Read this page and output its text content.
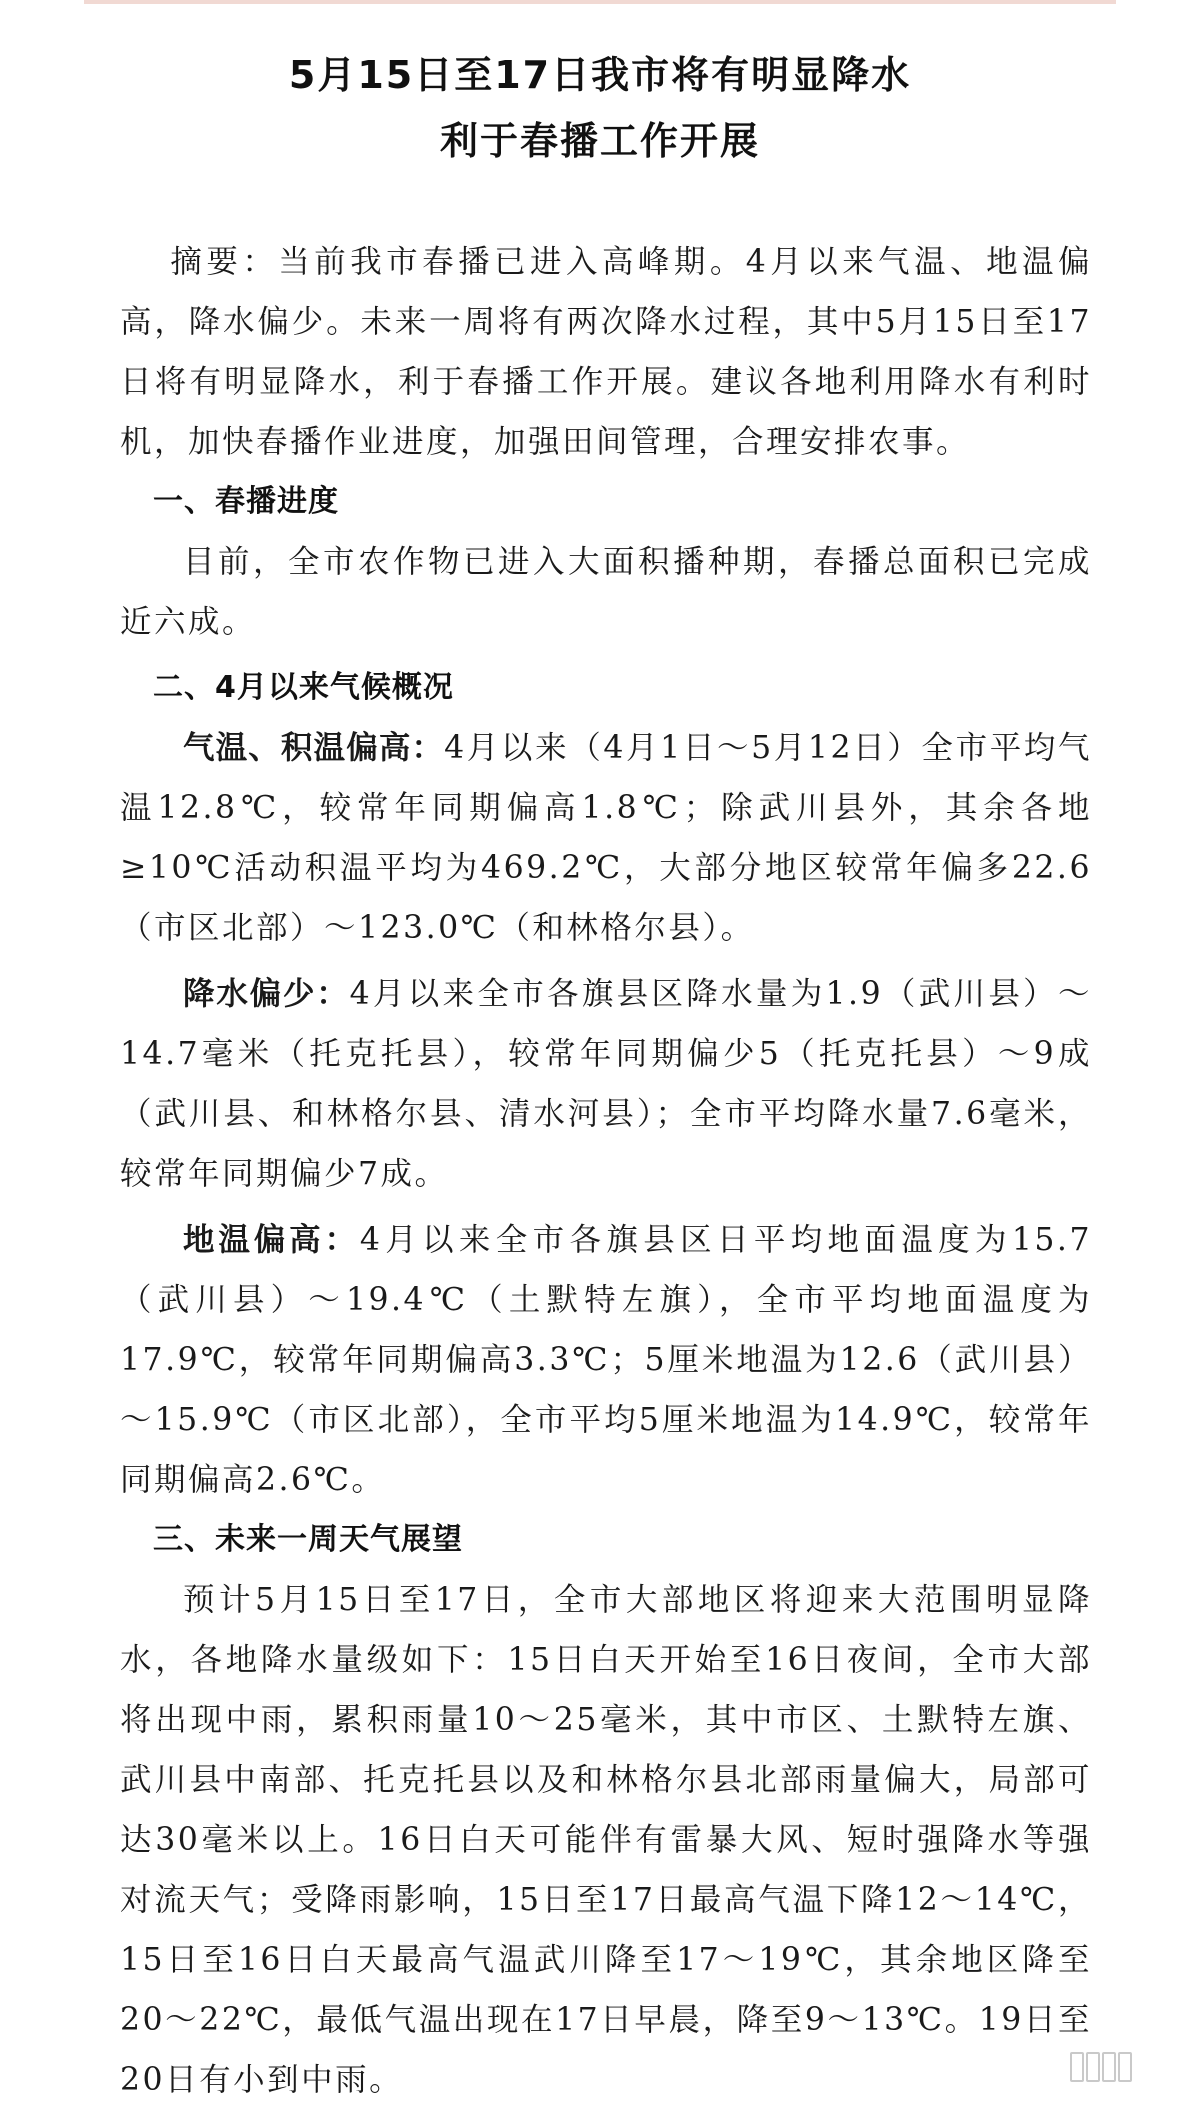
5月15日至17日我市将有明显降水
利于春播工作开展

摘要：当前我市春播已进入高峰期。4月以来气温、地温偏高，降水偏少。未来一周将有两次降水过程，其中5月15日至17日将有明显降水，利于春播工作开展。建议各地利用降水有利时机，加快春播作业进度，加强田间管理，合理安排农事。

一、春播进度

目前，全市农作物已进入大面积播种期，春播总面积已完成近六成。

二、4月以来气候概况

气温、积温偏高：4月以来（4月1日～5月12日）全市平均气温12.8℃，较常年同期偏高1.8℃；除武川县外，其余各地≥10℃活动积温平均为469.2℃，大部分地区较常年偏多22.6（市区北部）～123.0℃（和林格尔县）。

降水偏少：4月以来全市各旗县区降水量为1.9（武川县）～14.7毫米（托克托县），较常年同期偏少5（托克托县）～9成（武川县、和林格尔县、清水河县）；全市平均降水量7.6毫米，较常年同期偏少7成。

地温偏高：4月以来全市各旗县区日平均地面温度为15.7（武川县）～19.4℃（土默特左旗），全市平均地面温度为17.9℃，较常年同期偏高3.3℃；5厘米地温为12.6（武川县）～15.9℃（市区北部），全市平均5厘米地温为14.9℃，较常年同期偏高2.6℃。

三、未来一周天气展望

预计5月15日至17日，全市大部地区将迎来大范围明显降水，各地降水量级如下：15日白天开始至16日夜间，全市大部将出现中雨，累积雨量10～25毫米，其中市区、土默特左旗、武川县中南部、托克托县以及和林格尔县北部雨量偏大，局部可达30毫米以上。16日白天可能伴有雷暴大风、短时强降水等强对流天气；受降雨影响，15日至17日最高气温下降12～14℃，15日至16日白天最高气温武川降至17～19℃，其余地区降至20～22℃，最低气温出现在17日早晨，降至9～13℃。19日至20日有小到中雨。
